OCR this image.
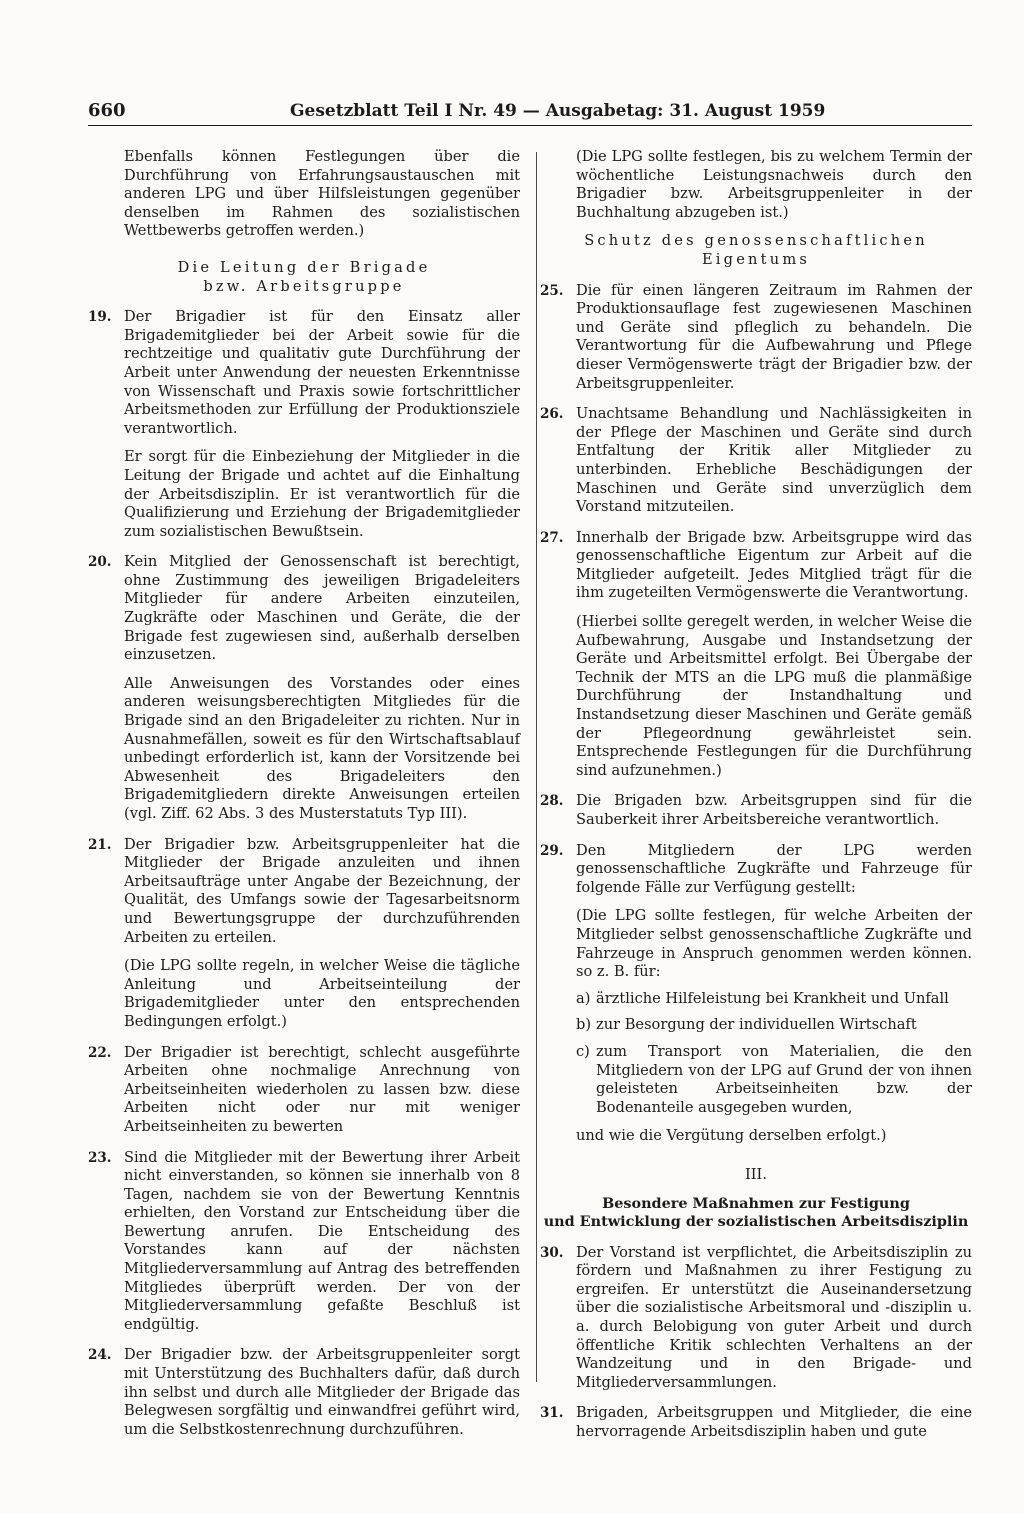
660	Gesetzblatt Teil I Nr. 49 — Ausgabetag: 31. August 1959

Ebenfalls können Festlegungen über die Durchführung von Erfahrungsaustauschen mit anderen LPG und über Hilfsleistungen gegenüber denselben im Rahmen des sozialistischen Wettbewerbs getroffen werden.)

Die Leitung der Brigade

bzw. Arbeitsgruppe

19. Der Brigadier ist für den Einsatz aller Brigademitglieder bei der Arbeit sowie für die rechtzeitige und qualitativ gute Durchführung der Arbeit unter Anwendung der neuesten Erkenntnisse von Wissenschaft und Praxis sowie fortschrittlicher Arbeitsmethoden zur Erfüllung der Produktionsziele verantwortlich.

Er sorgt für die Einbeziehung der Mitglieder in die Leitung der Brigade und achtet auf die Einhaltung der Arbeitsdisziplin. Er ist verantwortlich für die Qualifizierung und Erziehung der Brigademitglieder zum sozialistischen Bewußtsein.

20. Kein Mitglied der Genossenschaft ist berechtigt, ohne Zustimmung des jeweiligen Brigadeleiters Mitglieder für andere Arbeiten einzuteilen, Zugkräfte oder Maschinen und Geräte, die der Brigade fest zugewiesen sind, außerhalb derselben einzusetzen.

Alle Anweisungen des Vorstandes oder eines anderen weisungsberechtigten Mitgliedes für die Brigade sind an den Brigadeleiter zu richten. Nur in Ausnahmefällen, soweit es für den Wirtschaftsablauf unbedingt erforderlich ist, kann der Vorsitzende bei Abwesenheit des Brigadeleiters den Brigademitgliedern direkte Anweisungen erteilen (vgl. Ziff. 62 Abs. 3 des Musterstatuts Typ III).

21. Der Brigadier bzw. Arbeitsgruppenleiter hat die Mitglieder der Brigade anzuleiten und ihnen Arbeitsaufträge unter Angabe der Bezeichnung, der Qualität, des Umfangs sowie der Tagesarbeitsnorm und Bewertungsgruppe der durchzuführenden Arbeiten zu erteilen.

(Die LPG sollte regeln, in welcher Weise die tägliche Anleitung und Arbeitseinteilung der Brigademitglieder unter den entsprechenden Bedingungen erfolgt.)

22. Der Brigadier ist berechtigt, schlecht ausgeführte Arbeiten ohne nochmalige Anrechnung von Arbeitseinheiten wiederholen zu lassen bzw. diese Arbeiten nicht oder nur mit weniger Arbeitseinheiten zu bewerten

23. Sind die Mitglieder mit der Bewertung ihrer Arbeit nicht einverstanden, so können sie innerhalb von 8 Tagen, nachdem sie von der Bewertung Kenntnis erhielten, den Vorstand zur Entscheidung über die Bewertung anrufen. Die Entscheidung des Vorstandes kann auf der nächsten Mitgliederversammlung auf Antrag des betreffenden Mitgliedes überprüft werden. Der von der Mitgliederversammlung gefaßte Beschluß ist endgültig.

24. Der Brigadier bzw. der Arbeitsgruppenleiter sorgt mit Unterstützung des Buchhalters dafür, daß durch ihn selbst und durch alle Mitglieder der Brigade das Belegwesen sorgfältig und einwandfrei geführt wird, um die Selbstkostenrechnung durchzuführen.

(Die LPG sollte festlegen, bis zu welchem Termin der wöchentliche Leistungsnachweis durch den Brigadier bzw. Arbeitsgruppenleiter in der Buchhaltung abzugeben ist.)

Schutz des genossenschaftlichen

Eigentums

25. Die für einen längeren Zeitraum im Rahmen der Produktionsauflage fest zugewiesenen Maschinen und Geräte sind pfleglich zu behandeln. Die Verantwortung für die Aufbewahrung und Pflege dieser Vermögenswerte trägt der Brigadier bzw. der Arbeitsgruppenleiter.

26. Unachtsame Behandlung und Nachlässigkeiten in der Pflege der Maschinen und Geräte sind durch Entfaltung der Kritik aller Mitglieder zu unterbinden. Erhebliche Beschädigungen der Maschinen und Geräte sind unverzüglich dem Vorstand mitzuteilen.

27. Innerhalb der Brigade bzw. Arbeitsgruppe wird das genossenschaftliche Eigentum zur Arbeit auf die Mitglieder aufgeteilt. Jedes Mitglied trägt für die ihm zugeteilten Vermögenswerte die Verantwortung.

(Hierbei sollte geregelt werden, in welcher Weise die Aufbewahrung, Ausgabe und Instandsetzung der Geräte und Arbeitsmittel erfolgt. Bei Übergabe der Technik der MTS an die LPG muß die planmäßige Durchführung der Instandhaltung und Instandsetzung dieser Maschinen und Geräte gemäß der Pflegeordnung gewährleistet sein. Entsprechende Festlegungen für die Durchführung sind aufzunehmen.)

28. Die Brigaden bzw. Arbeitsgruppen sind für die Sauberkeit ihrer Arbeitsbereiche verantwortlich.

29. Den Mitgliedern der LPG werden genossenschaftliche Zugkräfte und Fahrzeuge für folgende Fälle zur Verfügung gestellt:

(Die LPG sollte festlegen, für welche Arbeiten der Mitglieder selbst genossenschaftliche Zugkräfte und Fahrzeuge in Anspruch genommen werden können. so z. B. für:

a) ärztliche Hilfeleistung bei Krankheit und Unfall
b) zur Besorgung der individuellen Wirtschaft
c) zum Transport von Materialien, die den Mitgliedern von der LPG auf Grund der von ihnen geleisteten Arbeitseinheiten bzw. der Bodenanteile ausgegeben wurden,

und wie die Vergütung derselben erfolgt.)

III.

Besondere Maßnahmen zur Festigung

und Entwicklung der sozialistischen Arbeitsdisziplin

30. Der Vorstand ist verpflichtet, die Arbeitsdisziplin zu fördern und Maßnahmen zu ihrer Festigung zu ergreifen. Er unterstützt die Auseinandersetzung über die sozialistische Arbeitsmoral und -disziplin u. a. durch Belobigung von guter Arbeit und durch öffentliche Kritik schlechten Verhaltens an der Wandzeitung und in den Brigade- und Mitgliederversammlungen.

31. Brigaden, Arbeitsgruppen und Mitglieder, die eine hervorragende Arbeitsdisziplin haben und gute
